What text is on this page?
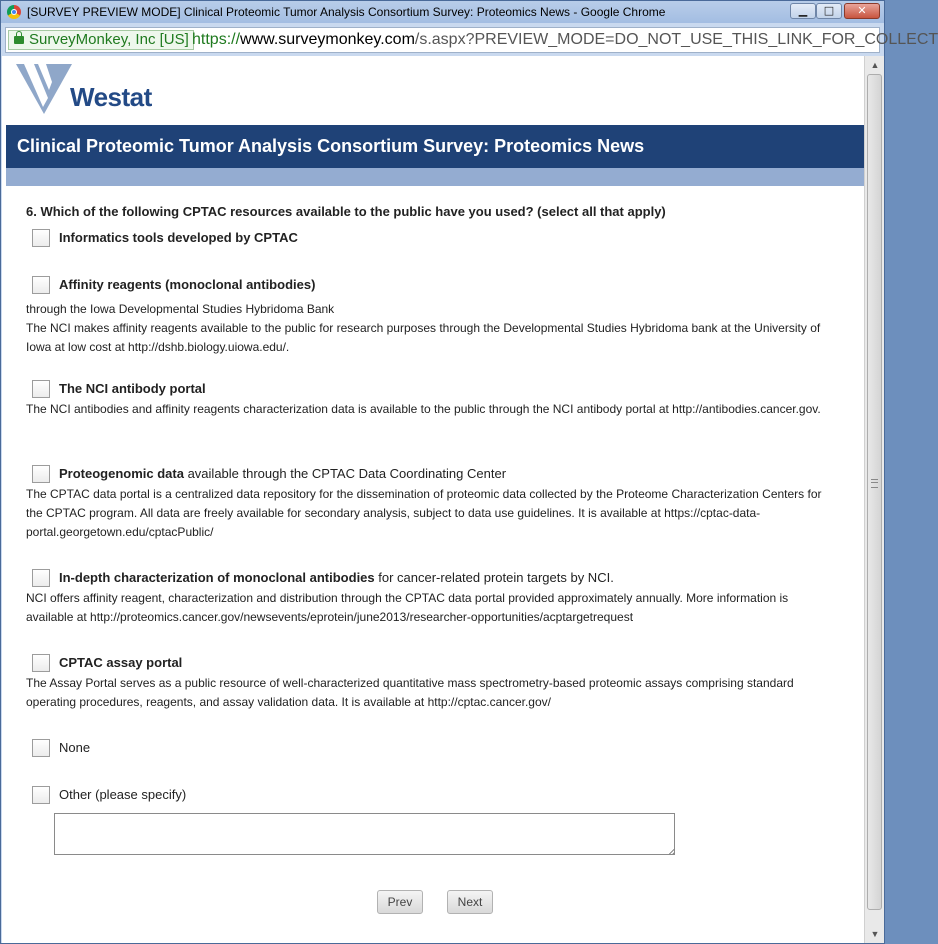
[SURVEY PREVIEW MODE] Clinical Proteomic Tumor Analysis Consortium Survey: Proteomics News - Google Chrome	▁	□	✕
SurveyMonkey, Inc [US] https://www.surveymonkey.com/s.aspx?PREVIEW_MODE=DO_NOT_USE_THIS_LINK_FOR_COLLECT
Westat
Clinical Proteomic Tumor Analysis Consortium Survey: Proteomics News
6. Which of the following CPTAC resources available to the public have you used? (select all that apply)
Informatics tools developed by CPTAC
Affinity reagents (monoclonal antibodies)
through the Iowa Developmental Studies Hybridoma Bank
The NCI makes affinity reagents available to the public for research purposes through the Developmental Studies Hybridoma bank at the University of Iowa at low cost at http://dshb.biology.uiowa.edu/.
The NCI antibody portal
The NCI antibodies and affinity reagents characterization data is available to the public through the NCI antibody portal at http://antibodies.cancer.gov.
Proteogenomic data available through the CPTAC Data Coordinating Center
The CPTAC data portal is a centralized data repository for the dissemination of proteomic data collected by the Proteome Characterization Centers for the CPTAC program. All data are freely available for secondary analysis, subject to data use guidelines. It is available at https://cptac-data-portal.georgetown.edu/cptacPublic/
In-depth characterization of monoclonal antibodies for cancer-related protein targets by NCI.
NCI offers affinity reagent, characterization and distribution through the CPTAC data portal provided approximately annually. More information is available at http://proteomics.cancer.gov/newsevents/eprotein/june2013/researcher-opportunities/acptargetrequest
CPTAC assay portal
The Assay Portal serves as a public resource of well-characterized quantitative mass spectrometry-based proteomic assays comprising standard operating procedures, reagents, and assay validation data. It is available at http://cptac.cancer.gov/
None
Other (please specify)
Prev	Next
▲
▼
